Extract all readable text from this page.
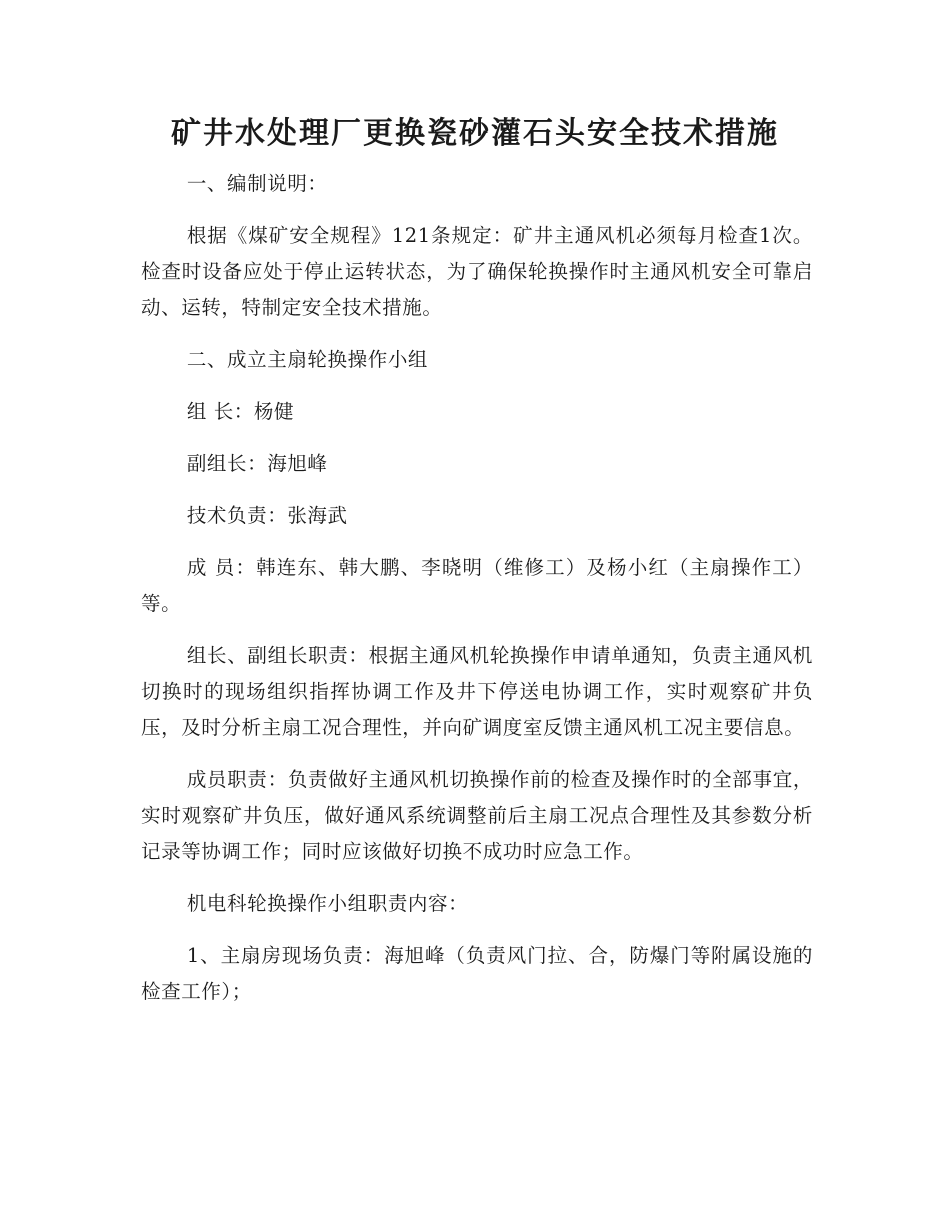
矿井水处理厂更换瓷砂灌石头安全技术措施

一、编制说明：

根据《煤矿安全规程》121条规定：矿井主通风机必须每月检查1次。检查时设备应处于停止运转状态，为了确保轮换操作时主通风机安全可靠启动、运转，特制定安全技术措施。

二、成立主扇轮换操作小组

组 长：杨健

副组长：海旭峰

技术负责：张海武

成 员：韩连东、韩大鹏、李晓明（维修工）及杨小红（主扇操作工）等。

组长、副组长职责：根据主通风机轮换操作申请单通知，负责主通风机切换时的现场组织指挥协调工作及井下停送电协调工作，实时观察矿井负压，及时分析主扇工况合理性，并向矿调度室反馈主通风机工况主要信息。

成员职责：负责做好主通风机切换操作前的检查及操作时的全部事宜，实时观察矿井负压，做好通风系统调整前后主扇工况点合理性及其参数分析记录等协调工作；同时应该做好切换不成功时应急工作。

机电科轮换操作小组职责内容：

1、主扇房现场负责：海旭峰（负责风门拉、合，防爆门等附属设施的检查工作）；
